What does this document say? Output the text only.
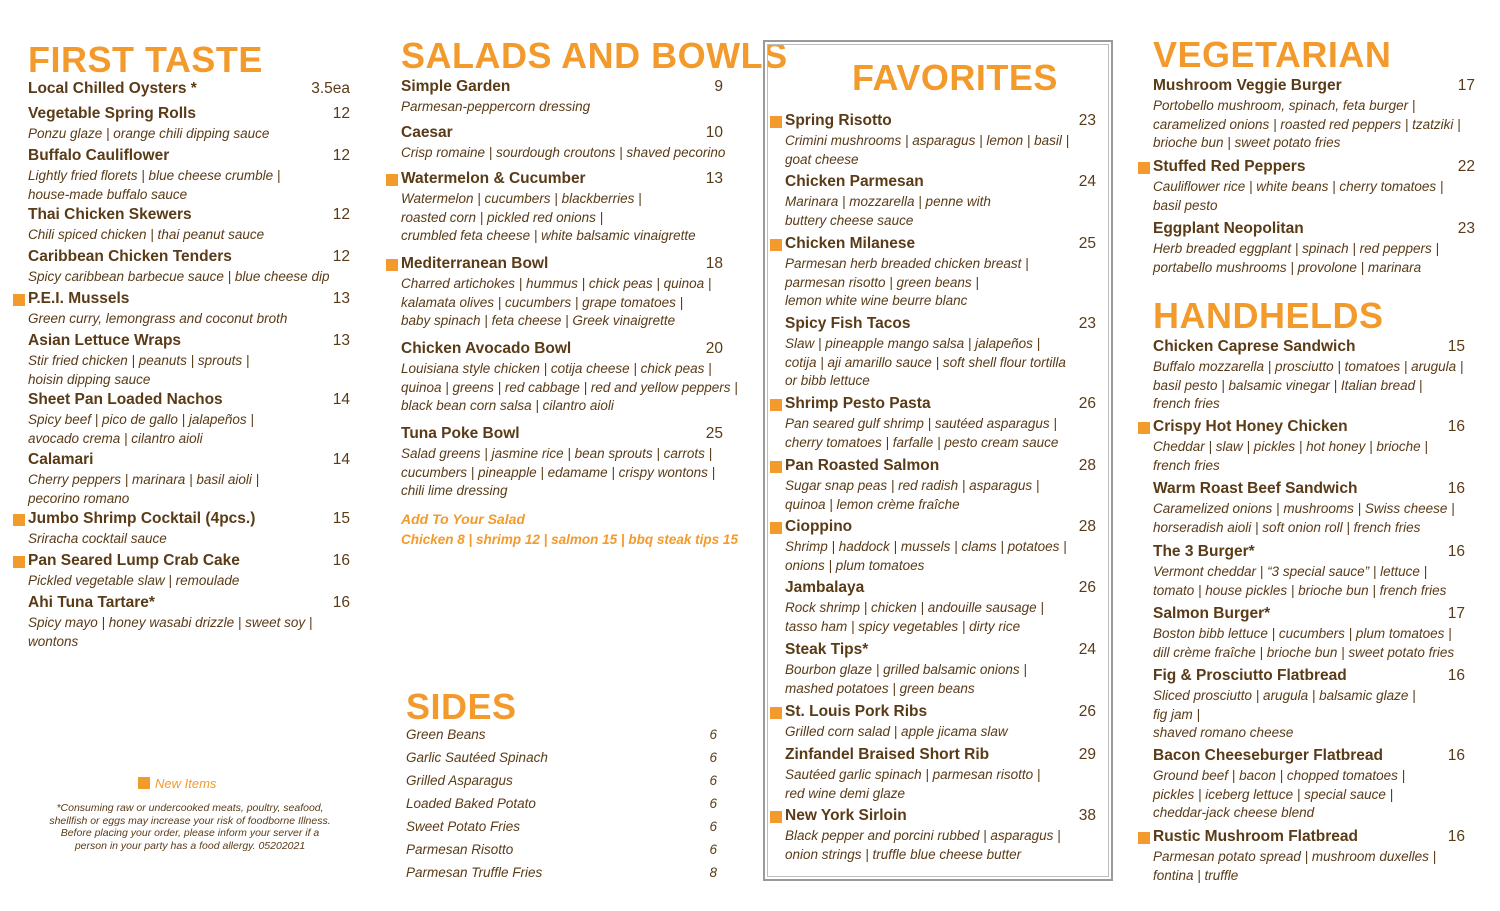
FIRST TASTE
Local Chilled Oysters *	3.5ea
Vegetable Spring Rolls	12
Ponzu glaze | orange chili dipping sauce
Buffalo Cauliflower	12
Lightly fried florets | blue cheese crumble |
house-made buffalo sauce
Thai Chicken Skewers	12
Chili spiced chicken | thai peanut sauce
Caribbean Chicken Tenders	12
Spicy caribbean barbecue sauce | blue cheese dip
P.E.I. Mussels	13
Green curry, lemongrass and coconut broth
Asian Lettuce Wraps	13
Stir fried chicken | peanuts | sprouts |
hoisin dipping sauce
Sheet Pan Loaded Nachos	14
Spicy beef | pico de gallo | jalapeños |
avocado crema | cilantro aioli
Calamari	14
Cherry peppers | marinara | basil aioli |
pecorino romano
Jumbo Shrimp Cocktail (4pcs.)	15
Sriracha cocktail sauce
Pan Seared Lump Crab Cake	16
Pickled vegetable slaw | remoulade
Ahi Tuna Tartare*	16
Spicy mayo | honey wasabi drizzle | sweet soy |
wontons
New Items
*Consuming raw or undercooked meats, poultry, seafood,
shellfish or eggs may increase your risk of foodborne Illness.
Before placing your order, please inform your server if a
person in your party has a food allergy. 05202021
SALADS AND BOWLS
Simple Garden	9
Parmesan-peppercorn dressing
Caesar	10
Crisp romaine | sourdough croutons | shaved pecorino
Watermelon & Cucumber	13
Watermelon | cucumbers | blackberries |
roasted corn | pickled red onions |
crumbled feta cheese | white balsamic vinaigrette
Mediterranean Bowl	18
Charred artichokes | hummus | chick peas | quinoa |
kalamata olives | cucumbers | grape tomatoes |
baby spinach | feta cheese | Greek vinaigrette
Chicken Avocado Bowl	20
Louisiana style chicken | cotija cheese | chick peas |
quinoa | greens | red cabbage | red and yellow peppers |
black bean corn salsa | cilantro aioli
Tuna Poke Bowl	25
Salad greens | jasmine rice | bean sprouts | carrots |
cucumbers | pineapple | edamame | crispy wontons |
chili lime dressing
Add To Your Salad
Chicken 8 | shrimp 12 | salmon 15 | bbq steak tips 15
SIDES
Green Beans	6
Garlic Sautéed Spinach	6
Grilled Asparagus	6
Loaded Baked Potato	6
Sweet Potato Fries	6
Parmesan Risotto	6
Parmesan Truffle Fries	8
FAVORITES
Spring Risotto	23
Crimini mushrooms | asparagus | lemon | basil |
goat cheese
Chicken Parmesan	24
Marinara | mozzarella | penne with
buttery cheese sauce
Chicken Milanese	25
Parmesan herb breaded chicken breast |
parmesan risotto | green beans |
lemon white wine beurre blanc
Spicy Fish Tacos	23
Slaw | pineapple mango salsa | jalapeños |
cotija | aji amarillo sauce | soft shell flour tortilla
or bibb lettuce
Shrimp Pesto Pasta	26
Pan seared gulf shrimp | sautéed asparagus |
cherry tomatoes | farfalle | pesto cream sauce
Pan Roasted Salmon	28
Sugar snap peas | red radish | asparagus |
quinoa | lemon crème fraîche
Cioppino	28
Shrimp | haddock | mussels | clams | potatoes |
onions | plum tomatoes
Jambalaya	26
Rock shrimp | chicken | andouille sausage |
tasso ham | spicy vegetables | dirty rice
Steak Tips*	24
Bourbon glaze | grilled balsamic onions |
mashed potatoes | green beans
St. Louis Pork Ribs	26
Grilled corn salad | apple jicama slaw
Zinfandel Braised Short Rib	29
Sautéed garlic spinach | parmesan risotto |
red wine demi glaze
New York Sirloin	38
Black pepper and porcini rubbed | asparagus |
onion strings | truffle blue cheese butter
VEGETARIAN
Mushroom Veggie Burger	17
Portobello mushroom, spinach, feta burger |
caramelized onions | roasted red peppers | tzatziki |
brioche bun | sweet potato fries
Stuffed Red Peppers	22
Cauliflower rice | white beans | cherry tomatoes |
basil pesto
Eggplant Neopolitan	23
Herb breaded eggplant | spinach | red peppers |
portabello mushrooms | provolone | marinara
HANDHELDS
Chicken Caprese Sandwich	15
Buffalo mozzarella | prosciutto | tomatoes | arugula |
basil pesto | balsamic vinegar | Italian bread |
french fries
Crispy Hot Honey Chicken	16
Cheddar | slaw | pickles | hot honey | brioche |
french fries
Warm Roast Beef Sandwich	16
Caramelized onions | mushrooms | Swiss cheese |
horseradish aioli | soft onion roll | french fries
The 3 Burger*	16
Vermont cheddar | “3 special sauce” | lettuce |
tomato | house pickles | brioche bun | french fries
Salmon Burger*	17
Boston bibb lettuce | cucumbers | plum tomatoes |
dill crème fraîche | brioche bun | sweet potato fries
Fig & Prosciutto Flatbread	16
Sliced prosciutto | arugula | balsamic glaze |
fig jam |
shaved romano cheese
Bacon Cheeseburger Flatbread	16
Ground beef | bacon | chopped tomatoes |
pickles | iceberg lettuce | special sauce |
cheddar-jack cheese blend
Rustic Mushroom Flatbread	16
Parmesan potato spread | mushroom duxelles |
fontina | truffle
